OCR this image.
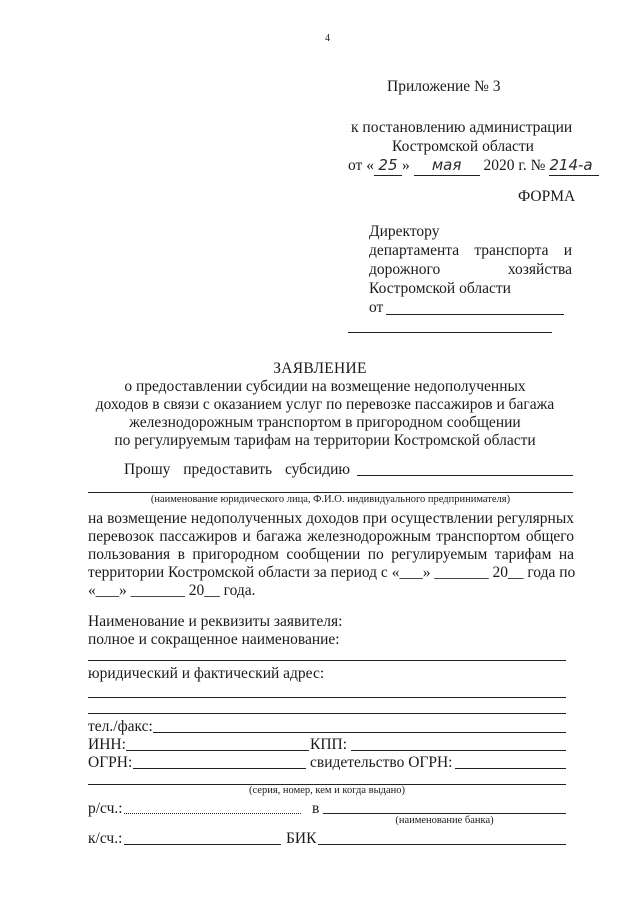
4
Приложение № 3
к постановлению администрации
Костромской области
от « 25 » мая 2020 г. № 214-а
ФОРМА
Директору
департамента транспорта и
дорожного	хозяйства
Костромской области
от
ЗАЯВЛЕНИЕ
о предоставлении субсидии на возмещение недополученных
доходов в связи с оказанием услуг по перевозке пассажиров и багажа
железнодорожным транспортом в пригородном сообщении
по регулируемым тарифам на территории Костромской области
Прошу предоставить субсидию
(наименование юридического лица, Ф.И.О. индивидуального предпринимателя)
на возмещение недополученных доходов при осуществлении регулярных
перевозок пассажиров и багажа железнодорожным транспортом общего
пользования в пригородном сообщении по регулируемым тарифам на
территории Костромской области за период с «___» _______ 20__ года по
«___» _______ 20__ года.
Наименование и реквизиты заявителя:
полное и сокращенное наименование:
юридический и фактический адрес:
тел./факс:
ИНН:	КПП:
ОГРН:	свидетельство ОГРН:
(серия, номер, кем и когда выдано)
р/сч.:	в
(наименование банка)
к/сч.:	БИК
